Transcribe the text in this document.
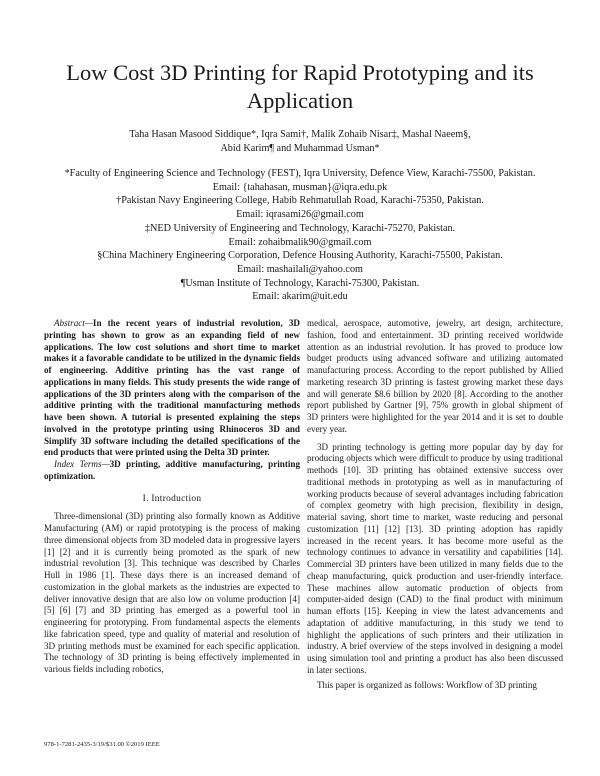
Low Cost 3D Printing for Rapid Prototyping and its Application
Taha Hasan Masood Siddique*, Iqra Sami†, Malik Zohaib Nisar‡, Mashal Naeem§,
Abid Karim¶ and Muhammad Usman*
*Faculty of Engineering Science and Technology (FEST), Iqra University, Defence View, Karachi-75500, Pakistan.
Email: {tahahasan, musman}@iqra.edu.pk
†Pakistan Navy Engineering College, Habib Rehmatullah Road, Karachi-75350, Pakistan.
Email: iqrasami26@gmail.com
‡NED University of Engineering and Technology, Karachi-75270, Pakistan.
Email: zohaibmalik90@gmail.com
§China Machinery Engineering Corporation, Defence Housing Authority, Karachi-75500, Pakistan.
Email: mashailali@yahoo.com
¶Usman Institute of Technology, Karachi-75300, Pakistan.
Email: akarim@uit.edu

Abstract—In the recent years of industrial revolution, 3D printing has shown to grow as an expanding field of new applications. The low cost solutions and short time to market makes it a favorable candidate to be utilized in the dynamic fields of engineering. Additive printing has the vast range of applications in many fields. This study presents the wide range of applications of the 3D printers along with the comparison of the additive printing with the traditional manufacturing methods have been shown. A tutorial is presented explaining the steps involved in the prototype printing using Rhinoceros 3D and Simplify 3D software including the detailed specifications of the end products that were printed using the Delta 3D printer.

Index Terms—3D printing, additive manufacturing, printing optimization.

I. Introduction

Three-dimensional (3D) printing also formally known as Additive Manufacturing (AM) or rapid prototyping is the process of making three dimensional objects from 3D modeled data in progressive layers [1] [2] and it is currently being promoted as the spark of new industrial revolution [3]. This technique was described by Charles Hull in 1986 [1]. These days there is an increased demand of customization in the global markets as the industries are expected to deliver innovative design that are also low on volume production [4] [5] [6] [7] and 3D printing has emerged as a powerful tool in engineering for prototyping. From fundamental aspects the elements like fabrication speed, type and quality of material and resolution of 3D printing methods must be examined for each specific application. The technology of 3D printing is being effectively implemented in various fields including robotics,

medical, aerospace, automotive, jewelry, art design, architecture, fashion, food and entertainment. 3D printing received worldwide attention as an industrial revolution. It has proved to produce low budget products using advanced software and utilizing automated manufacturing process. According to the report published by Allied marketing research 3D printing is fastest growing market these days and will generate $8.6 billion by 2020 [8]. According to the another report published by Gartner [9], 75% growth in global shipment of 3D printers were highlighted for the year 2014 and it is set to double every year.

3D printing technology is getting more popular day by day for producing objects which were difficult to produce by using traditional methods [10]. 3D printing has obtained extensive success over traditional methods in prototyping as well as in manufacturing of working products because of several advantages including fabrication of complex geometry with high precision, flexibility in design, material saving, short time to market, waste reducing and personal customization [11] [12] [13]. 3D printing adoption has rapidly increased in the recent years. It has become more useful as the technology continues to advance in versatility and capabilities [14]. Commercial 3D printers have been utilized in many fields due to the cheap manufacturing, quick production and user-friendly interface. These machines allow automatic production of objects from computer-aided design (CAD) to the final product with minimum human efforts [15]. Keeping in view the latest advancements and adaptation of additive manufacturing, in this study we tend to highlight the applications of such printers and their utilization in industry. A brief overview of the steps involved in designing a model using simulation tool and printing a product has also been discussed in later sections.

This paper is organized as follows: Workflow of 3D printing

978-1-7281-2435-3/19/$31.00 ©2019 IEEE
